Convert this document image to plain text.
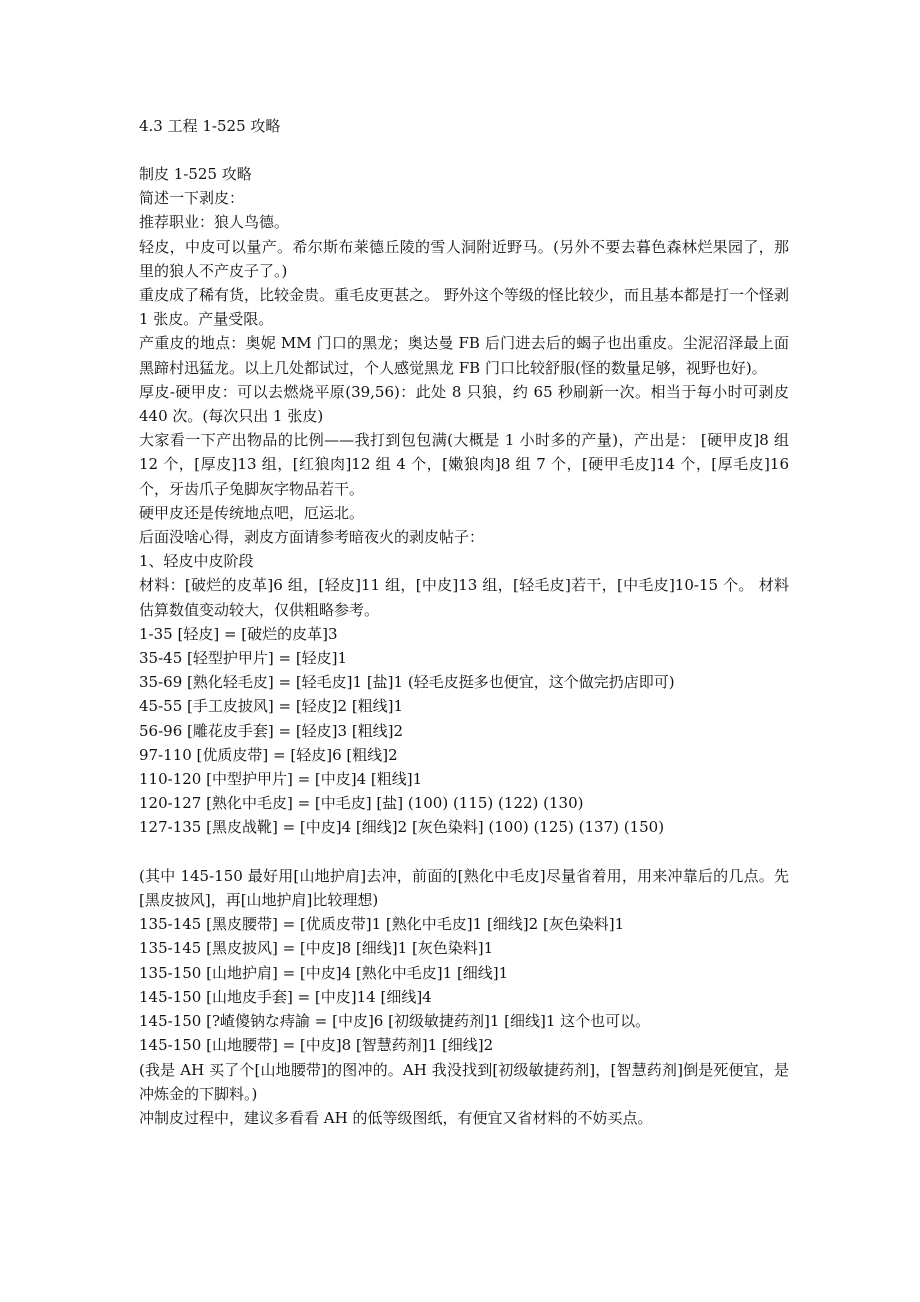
4.3 工程 1-525 攻略

制皮 1-525 攻略

简述一下剥皮：

推荐职业：狼人鸟德。

轻皮，中皮可以量产。希尔斯布莱德丘陵的雪人洞附近野马。(另外不要去暮色森林烂果园了，那里的狼人不产皮子了。)

重皮成了稀有货，比较金贵。重毛皮更甚之。 野外这个等级的怪比较少，而且基本都是打一个怪剥 1 张皮。产量受限。

产重皮的地点：奥妮 MM 门口的黑龙；奥达曼 FB 后门进去后的蝎子也出重皮。尘泥沼泽最上面黑蹄村迅猛龙。以上几处都试过，个人感觉黑龙 FB 门口比较舒服(怪的数量足够，视野也好)。

厚皮-硬甲皮：可以去燃烧平原(39,56)：此处 8 只狼，约 65 秒刷新一次。相当于每小时可剥皮 440 次。(每次只出 1 张皮)

大家看一下产出物品的比例——我打到包包满(大概是 1 小时多的产量)，产出是： [硬甲皮]8 组 12 个，[厚皮]13 组，[红狼肉]12 组 4 个，[嫩狼肉]8 组 7 个，[硬甲毛皮]14 个，[厚毛皮]16 个，牙齿爪子兔脚灰字物品若干。

硬甲皮还是传统地点吧，厄运北。

后面没啥心得，剥皮方面请参考暗夜火的剥皮帖子：

1、轻皮中皮阶段

材料：[破烂的皮革]6 组，[轻皮]11 组，[中皮]13 组，[轻毛皮]若干，[中毛皮]10-15 个。 材料估算数值变动较大，仅供粗略参考。

1-35 [轻皮] = [破烂的皮革]3

35-45 [轻型护甲片] = [轻皮]1

35-69 [熟化轻毛皮] = [轻毛皮]1 [盐]1 (轻毛皮挺多也便宜，这个做完扔店即可)

45-55 [手工皮披风] = [轻皮]2 [粗线]1

56-96 [雕花皮手套] = [轻皮]3 [粗线]2

97-110 [优质皮带] = [轻皮]6 [粗线]2

110-120 [中型护甲片] = [中皮]4 [粗线]1

120-127 [熟化中毛皮] = [中毛皮] [盐] (100) (115) (122) (130)

127-135 [黑皮战靴] = [中皮]4 [细线]2 [灰色染料] (100) (125) (137) (150)

(其中 145-150 最好用[山地护肩]去冲，前面的[熟化中毛皮]尽量省着用，用来冲靠后的几点。先[黑皮披风]，再[山地护肩]比较理想)

135-145 [黑皮腰带] = [优质皮带]1 [熟化中毛皮]1 [细线]2 [灰色染料]1

135-145 [黑皮披风] = [中皮]8 [细线]1 [灰色染料]1

135-150 [山地护肩] = [中皮]4 [熟化中毛皮]1 [细线]1

145-150 [山地皮手套] = [中皮]14 [细线]4

145-150 [?嵖傻钠な痔諭 = [中皮]6 [初级敏捷药剂]1 [细线]1 这个也可以。

145-150 [山地腰带] = [中皮]8 [智慧药剂]1 [细线]2

(我是 AH 买了个[山地腰带]的图冲的。AH 我没找到[初级敏捷药剂]，[智慧药剂]倒是死便宜，是冲炼金的下脚料。)

冲制皮过程中，建议多看看 AH 的低等级图纸，有便宜又省材料的不妨买点。
